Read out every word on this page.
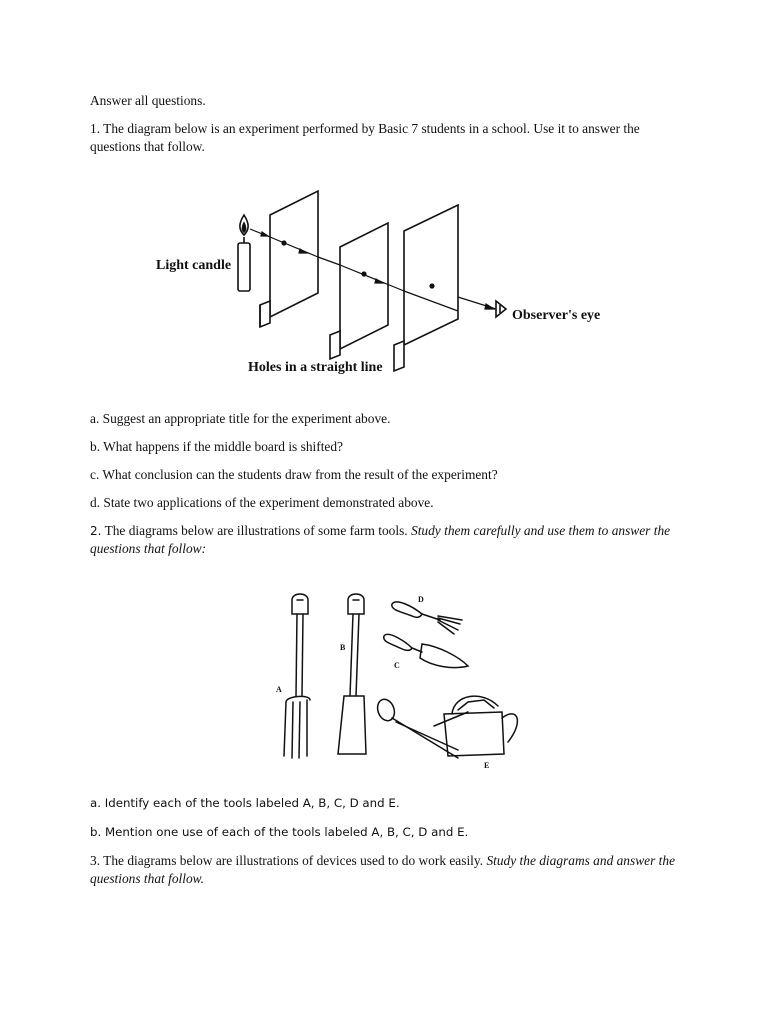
Answer all questions.

1. The diagram below is an experiment performed by Basic 7 students in a school. Use it to answer the questions that follow.

Light candle
Observer's eye
Holes in a straight line

a. Suggest an appropriate title for the experiment above.

b. What happens if the middle board is shifted?

c. What conclusion can the students draw from the result of the experiment?

d. State two applications of the experiment demonstrated above.

2. The diagrams below are illustrations of some farm tools. Study them carefully and use them to answer the questions that follow:

A
B
C
D
E

a. Identify each of the tools labeled A, B, C, D and E.

b. Mention one use of each of the tools labeled A, B, C, D and E.

3. The diagrams below are illustrations of devices used to do work easily. Study the diagrams and answer the questions that follow.
